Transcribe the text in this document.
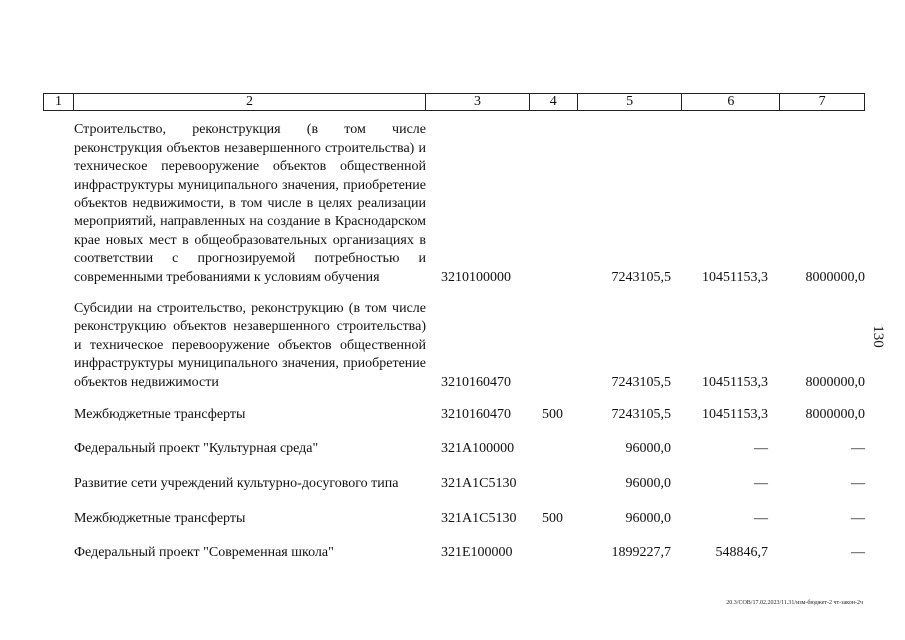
1	2	3	4	5	6	7
Строительство, реконструкция (в том числе реконструкция объектов незавершенного строительства) и техническое перевооружение объектов общественной инфраструктуры муниципального значения, приобретение объектов недвижимости, в том числе в целях реализации мероприятий, направленных на создание в Краснодарском крае новых мест в общеобразовательных организациях в соответствии с прогнозируемой потребностью и современными требованиями к условиям обучения	3210100000	7243105,5 10451153,3	8000000,0
Субсидии на строительство, реконструкцию (в том числе реконструкцию объектов незавершенного строительства) и техническое перевооружение объектов общественной инфраструктуры муниципального значения, приобретение объектов недвижимости	3210160470	7243105,5 10451153,3	8000000,0
Межбюджетные трансферты	3210160470 500	7243105,5 10451153,3	8000000,0
Федеральный проект "Культурная среда"	321A100000	96000,0	—	—
Развитие сети учреждений культурно-досугового типа	321A1C5130	96000,0	—	—
Межбюджетные трансферты	321A1C5130 500	96000,0	—	—
Федеральный проект "Современная школа"	321E100000	1899227,7	548846,7	—
130
20.3/СОВ/17.02.2023/11.31/изм-бюджет-2 чт-закон-2ч
